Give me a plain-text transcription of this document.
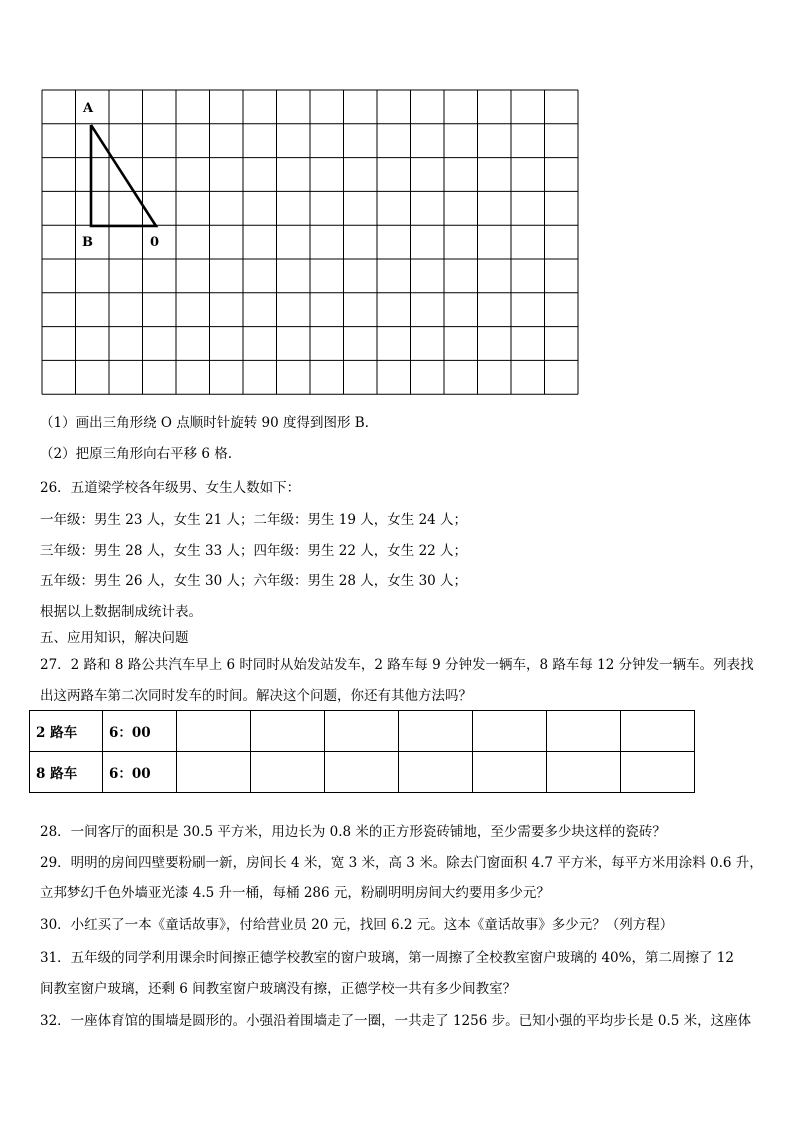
A
B	0
（1）画出三角形绕 O 点顺时针旋转 90 度得到图形 B．
（2）把原三角形向右平移 6 格.
26．五道梁学校各年级男、女生人数如下：
一年级：男生 23 人，女生 21 人；二年级：男生 19 人，女生 24 人；
三年级：男生 28 人，女生 33 人；四年级：男生 22 人，女生 22 人；
五年级：男生 26 人，女生 30 人；六年级：男生 28 人，女生 30 人；
根据以上数据制成统计表。
五、应用知识，解决问题
27．2 路和 8 路公共汽车早上 6 时同时从始发站发车，2 路车每 9 分钟发一辆车，8 路车每 12 分钟发一辆车。列表找
出这两路车第二次同时发车的时间。解决这个问题，你还有其他方法吗？
2 路车	6：00							
8 路车	6：00							
28．一间客厅的面积是 30.5 平方米，用边长为 0.8 米的正方形瓷砖铺地，至少需要多少块这样的瓷砖？
29．明明的房间四壁要粉刷一新，房间长 4 米，宽 3 米，高 3 米。除去门窗面积 4.7 平方米，每平方米用涂料 0.6 升，
立邦梦幻千色外墙亚光漆 4.5 升一桶，每桶 286 元，粉刷明明房间大约要用多少元？
30．小红买了一本《童话故事》，付给营业员 20 元，找回 6.2 元。这本《童话故事》多少元？（列方程）
31．五年级的同学利用课余时间擦正德学校教室的窗户玻璃，第一周擦了全校教室窗户玻璃的 40%，第二周擦了 12
间教室窗户玻璃，还剩 6 间教室窗户玻璃没有擦，正德学校一共有多少间教室？
32．一座体育馆的围墙是圆形的。小强沿着围墙走了一圈，一共走了 1256 步。已知小强的平均步长是 0.5 米，这座体
